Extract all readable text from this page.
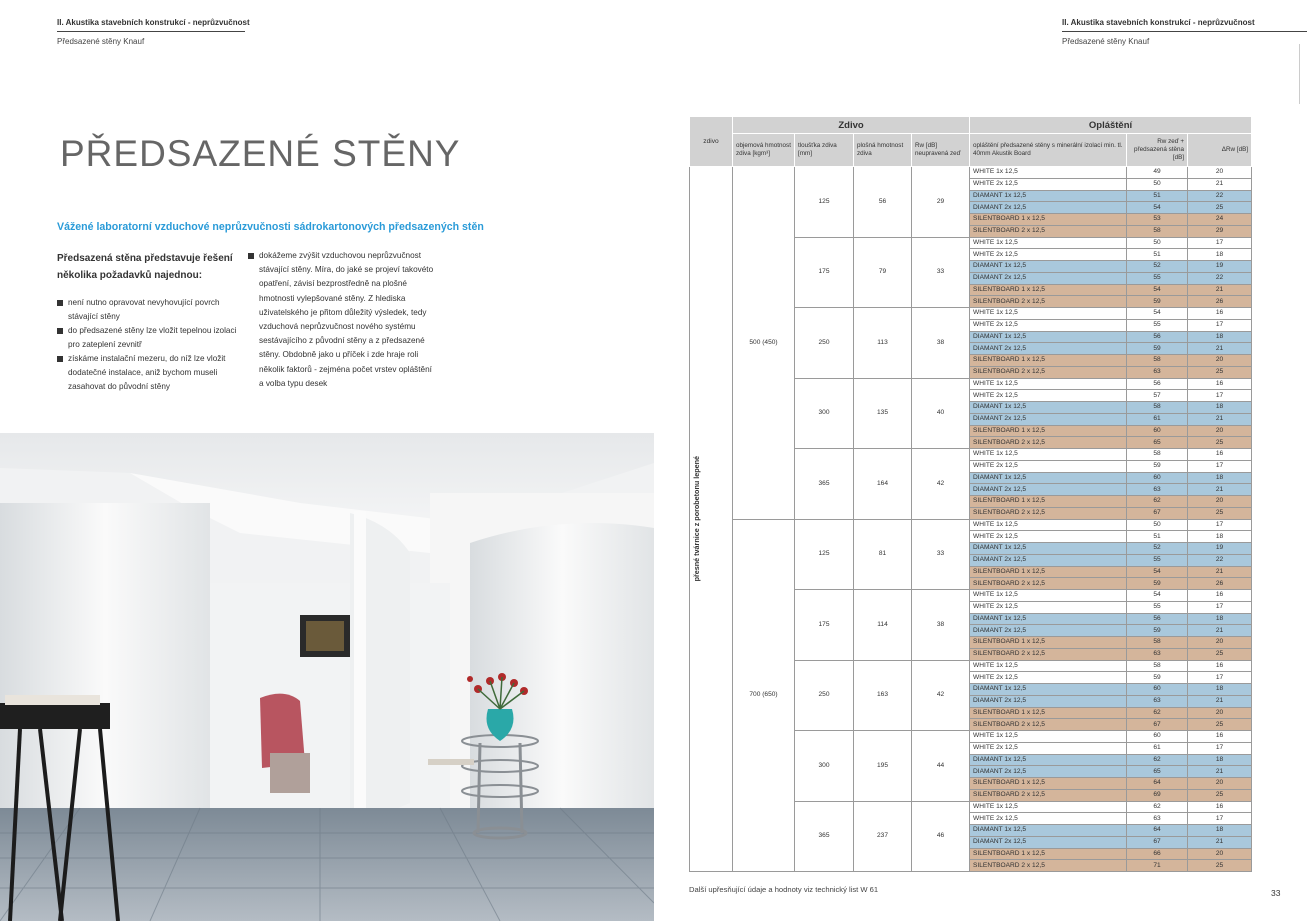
II. Akustika stavebních konstrukcí - neprůzvučnost
Předsazené stěny Knauf
II. Akustika stavebních konstrukcí - neprůzvučnost
Předsazené stěny Knauf
PŘEDSAZENÉ STĚNY
Vážené laboratorní vzduchové neprůzvučnosti sádrokartonových předsazených stěn
Předsazená stěna představuje řešení několika požadavků najednou:
není nutno opravovat nevyhovující povrch stávající stěny
do předsazené stěny lze vložit tepelnou izolaci pro zateplení zevnitř
získáme instalační mezeru, do níž lze vložit dodatečné instalace, aniž bychom museli zasahovat do původní stěny
dokážeme zvýšit vzduchovou neprůzvučnost stávající stěny. Míra, do jaké se projeví takovéto opatření, závisí bezprostředně na plošné hmotnosti vylepšované stěny. Z hlediska uživatelského je přitom důležitý výsledek, tedy vzduchová neprůzvučnost nového systému sestávajícího z původní stěny a z předsazené stěny. Obdobně jako u příček i zde hraje roli několik faktorů - zejména počet vrstev opláštění a volba typu desek
zdivo	Zdivo				Opláštění		
	objemová hmotnost zdiva [kgm³]	tloušťka zdiva [mm]	plošná hmotnost zdiva	Rw [dB] neupravená zeď	opláštění předsazené stěny s minerální izolací min. tl. 40mm Akustik Board	Rw zeď + předsazená stěna [dB]	ΔRw [dB]

přesné tvárnice z porobetonu lepené	500 (450)	125	56	29	WHITE 1x 12,5	49	20
					WHITE 2x 12,5	50	21
					DIAMANT 1x 12,5	51	22
					DIAMANT 2x 12,5	54	25
					SILENTBOARD 1 x 12,5	53	24
					SILENTBOARD 2 x 12,5	58	29
		175	79	33	WHITE 1x 12,5	50	17
					WHITE 2x 12,5	51	18
					DIAMANT 1x 12,5	52	19
					DIAMANT 2x 12,5	55	22
					SILENTBOARD 1 x 12,5	54	21
					SILENTBOARD 2 x 12,5	59	26
		250	113	38	WHITE 1x 12,5	54	16
					WHITE 2x 12,5	55	17
					DIAMANT 1x 12,5	56	18
					DIAMANT 2x 12,5	59	21
					SILENTBOARD 1 x 12,5	58	20
					SILENTBOARD 2 x 12,5	63	25
		300	135	40	WHITE 1x 12,5	56	16
					WHITE 2x 12,5	57	17
					DIAMANT 1x 12,5	58	18
					DIAMANT 2x 12,5	61	21
					SILENTBOARD 1 x 12,5	60	20
					SILENTBOARD 2 x 12,5	65	25
		365	164	42	WHITE 1x 12,5	58	16
					WHITE 2x 12,5	59	17
					DIAMANT 1x 12,5	60	18
					DIAMANT 2x 12,5	63	21
					SILENTBOARD 1 x 12,5	62	20
					SILENTBOARD 2 x 12,5	67	25
	700 (650)	125	81	33	WHITE 1x 12,5	50	17
					WHITE 2x 12,5	51	18
					DIAMANT 1x 12,5	52	19
					DIAMANT 2x 12,5	55	22
					SILENTBOARD 1 x 12,5	54	21
					SILENTBOARD 2 x 12,5	59	26
		175	114	38	WHITE 1x 12,5	54	16
					WHITE 2x 12,5	55	17
					DIAMANT 1x 12,5	56	18
					DIAMANT 2x 12,5	59	21
					SILENTBOARD 1 x 12,5	58	20
					SILENTBOARD 2 x 12,5	63	25
		250	163	42	WHITE 1x 12,5	58	16
					WHITE 2x 12,5	59	17
					DIAMANT 1x 12,5	60	18
					DIAMANT 2x 12,5	63	21
					SILENTBOARD 1 x 12,5	62	20
					SILENTBOARD 2 x 12,5	67	25
		300	195	44	WHITE 1x 12,5	60	16
					WHITE 2x 12,5	61	17
					DIAMANT 1x 12,5	62	18
					DIAMANT 2x 12,5	65	21
					SILENTBOARD 1 x 12,5	64	20
					SILENTBOARD 2 x 12,5	69	25
		365	237	46	WHITE 1x 12,5	62	16
					WHITE 2x 12,5	63	17
					DIAMANT 1x 12,5	64	18
					DIAMANT 2x 12,5	67	21
					SILENTBOARD 1 x 12,5	66	20
					SILENTBOARD 2 x 12,5	71	25
Další upřesňující údaje a hodnoty viz technický list W 61	33
